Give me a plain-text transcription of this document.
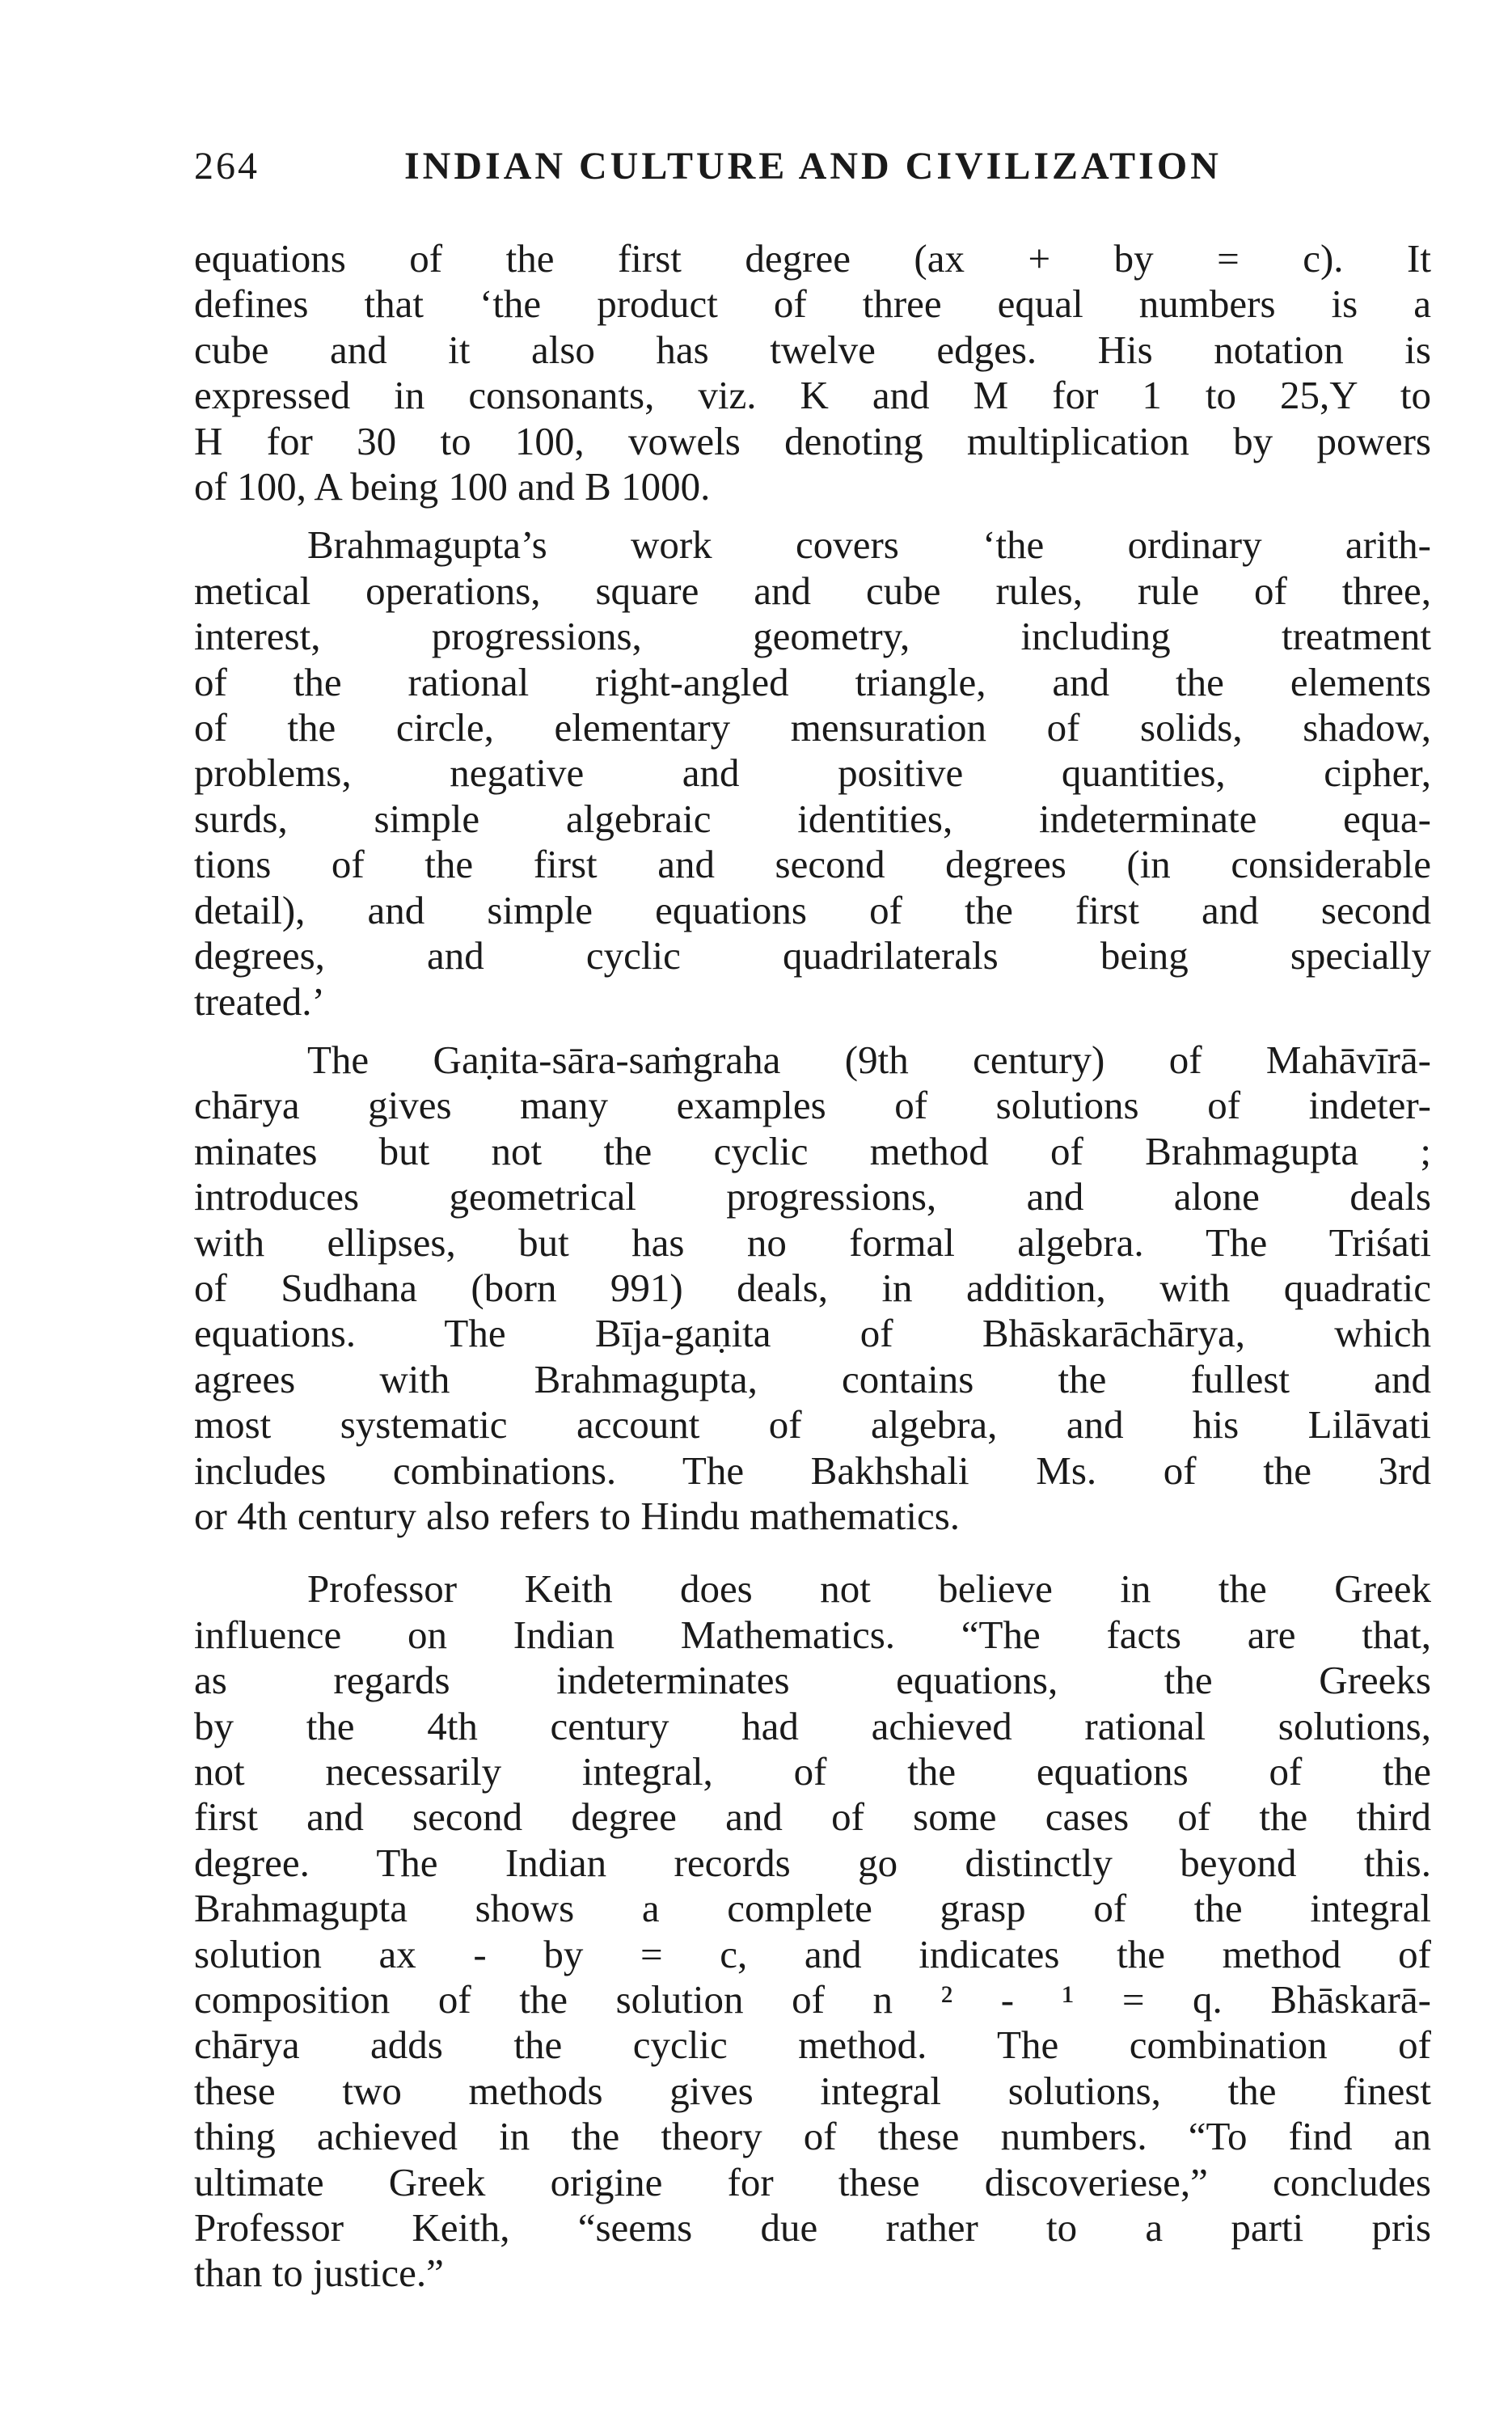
264	INDIAN CULTURE AND CIVILIZATION

equations of the first degree (ax + by = c). It
defines that ‘the product of three equal numbers is a
cube and it also has twelve edges. His notation is
expressed in consonants, viz. K and M for 1 to 25,Y to
H for 30 to 100, vowels denoting multiplication by powers
of 100, A being 100 and B 1000.

Brahmagupta’s work covers ‘the ordinary arith-
metical operations, square and cube rules, rule of three,
interest, progressions, geometry, including treatment
of the rational right-angled triangle, and the elements
of the circle, elementary mensuration of solids, shadow,
problems, negative and positive quantities, cipher,
surds, simple algebraic identities, indeterminate equa-
tions of the first and second degrees (in considerable
detail), and simple equations of the first and second
degrees, and cyclic quadrilaterals being specially
treated.’

The Gaṇita-sāra-saṁgraha (9th century) of Mahāvīrā-
chārya gives many examples of solutions of indeter-
minates but not the cyclic method of Brahmagupta ;
introduces geometrical progressions, and alone deals
with ellipses, but has no formal algebra. The Triśati
of Sudhana (born 991) deals, in addition, with quadratic
equations. The Bīja-gaṇita of Bhāskarāchārya, which
agrees with Brahmagupta, contains the fullest and
most systematic account of algebra, and his Lilāvati
includes combinations. The Bakhshali Ms. of the 3rd
or 4th century also refers to Hindu mathematics.

Professor Keith does not believe in the Greek
influence on Indian Mathematics. “The facts are that,
as regards indeterminates equations, the Greeks
by the 4th century had achieved rational solutions,
not necessarily integral, of the equations of the
first and second degree and of some cases of the third
degree. The Indian records go distinctly beyond this.
Brahmagupta shows a complete grasp of the integral
solution ax - by = c, and indicates the method of
composition of the solution of n ² - ¹ = q. Bhāskarā-
chārya adds the cyclic method. The combination of
these two methods gives integral solutions, the finest
thing achieved in the theory of these numbers. “To find an
ultimate Greek origine for these discoveriese,” concludes
Professor Keith, “seems due rather to a parti pris
than to justice.”
